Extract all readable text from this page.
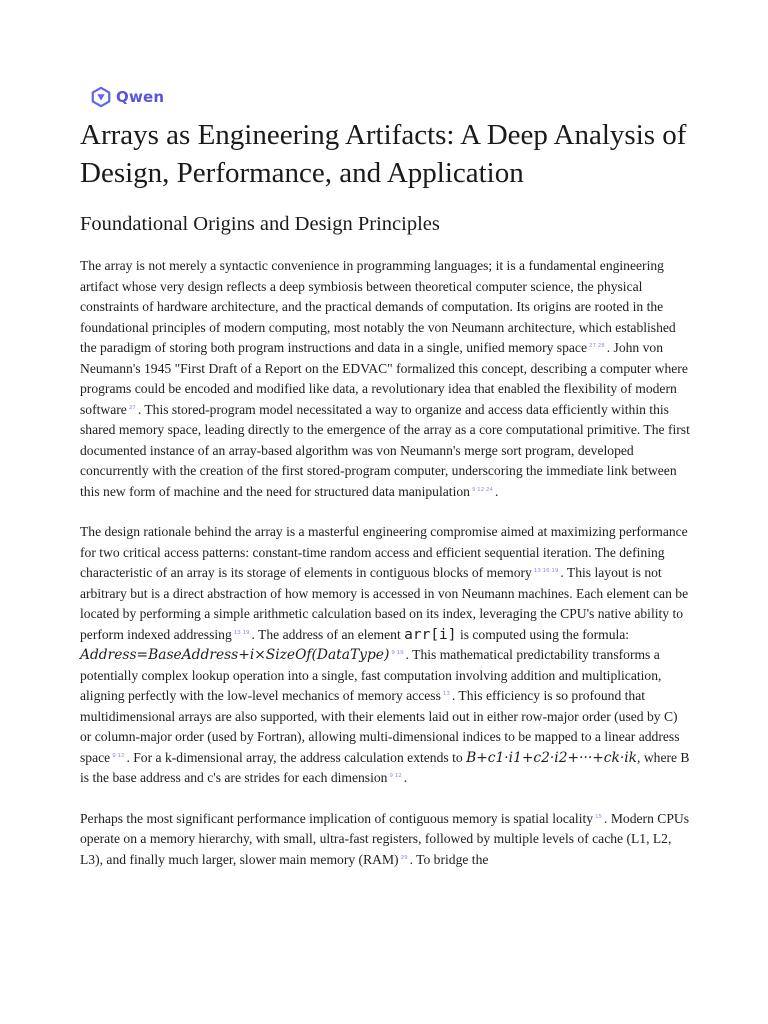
Qwen
Arrays as Engineering Artifacts: A Deep Analysis of Design, Performance, and Application
Foundational Origins and Design Principles

The array is not merely a syntactic convenience in programming languages; it is a fundamental engineering artifact whose very design reflects a deep symbiosis between theoretical computer science, the physical constraints of hardware architecture, and the practical demands of computation. Its origins are rooted in the foundational principles of modern computing, most notably the von Neumann architecture, which established the paradigm of storing both program instructions and data in a single, unified memory space $^{27 28}$ . John von Neumann's 1945 "First Draft of a Report on the EDVAC" formalized this concept, describing a computer where programs could be encoded and modified like data, a revolutionary idea that enabled the flexibility of modern software $^{27}$ . This stored-program model necessitated a way to organize and access data efficiently within this shared memory space, leading directly to the emergence of the array as a core computational primitive. The first documented instance of an array-based algorithm was von Neumann's merge sort program, developed concurrently with the creation of the first stored-program computer, underscoring the immediate link between this new form of machine and the need for structured data manipulation $^{9 12 24}$ .

The design rationale behind the array is a masterful engineering compromise aimed at maximizing performance for two critical access patterns: constant-time random access and efficient sequential iteration. The defining characteristic of an array is its storage of elements in contiguous blocks of memory $^{13 16 19}$ . This layout is not arbitrary but is a direct abstraction of how memory is accessed in von Neumann machines. Each element can be located by performing a simple arithmetic calculation based on its index, leveraging the CPU's native ability to perform indexed addressing $^{13 19}$ . The address of an element arr[i] is computed using the formula: Address=BaseAddress+i×SizeOf(DataType) $^{9 19}$ . This mathematical predictability transforms a potentially complex lookup operation into a single, fast computation involving addition and multiplication, aligning perfectly with the low-level mechanics of memory access $^{13}$ . This efficiency is so profound that multidimensional arrays are also supported, with their elements laid out in either row-major order (used by C) or column-major order (used by Fortran), allowing multi-dimensional indices to be mapped to a linear address space $^{9 12}$ . For a k-dimensional array, the address calculation extends to B+c1·i1+c2·i2+···+ck·ik, where B is the base address and c's are strides for each dimension $^{9 12}$ .

Perhaps the most significant performance implication of contiguous memory is spatial locality $^{15}$ . Modern CPUs operate on a memory hierarchy, with small, ultra-fast registers, followed by multiple levels of cache (L1, L2, L3), and finally much larger, slower main memory (RAM) $^{29}$ . To bridge the
